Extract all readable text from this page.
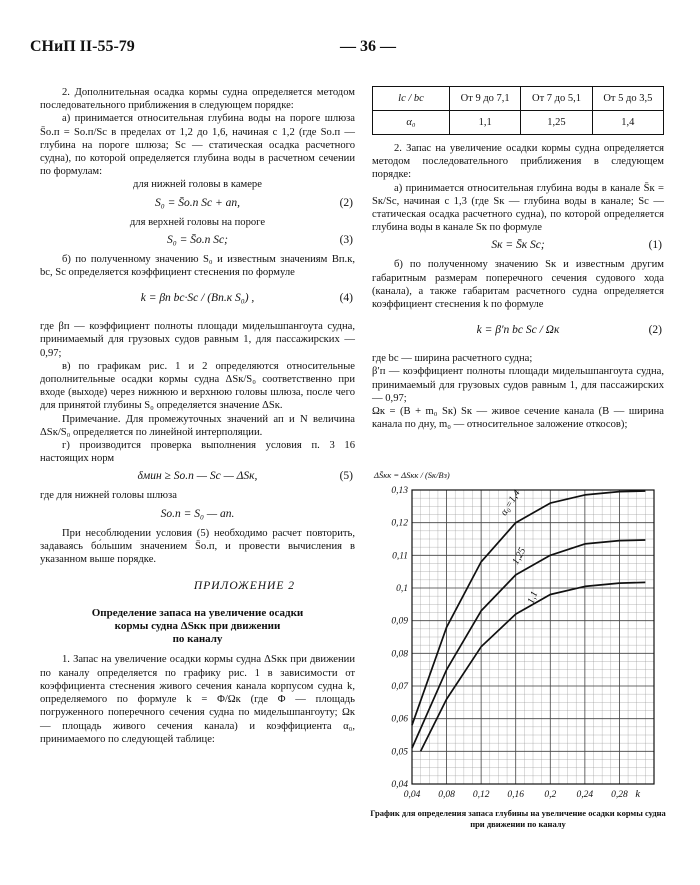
СНиП II-55-79	— 36 —

2. Дополнительная осадка кормы судна определяется методом последовательного приближения в следующем порядке:

а) принимается относительная глубина воды на пороге шлюза S̄о.п = Sо.п/Sс в пределах от 1,2 до 1,6, начиная с 1,2 (где Sо.п — глубина на пороге шлюза; Sс — статическая осадка расчетного судна), по которой определяется глубина воды в расчетном сечении по формулам:

для нижней головы в камере

S₀ = S̄о.п Sс + aп,	(2)

для верхней головы на пороге

S₀ = S̄о.п Sс;	(3)

б) по полученному значению S₀ и известным значениям Bп.к, bс, Sс определяется коэффициент стеснения по формуле

k = βп bс·Sс / (Bп.к S₀) ,	(4)

где βп — коэффициент полноты площади мидельшпангоута судна, принимаемый для грузовых судов равным 1, для пассажирских — 0,97;

в) по графикам рис. 1 и 2 определяются относительные дополнительные осадки кормы судна ΔSк/S₀ соответственно при входе (выходе) через нижнюю и верхнюю головы шлюза, после чего для принятой глубины S₀ определяется значение ΔSк.

Примечание. Для промежуточных значений aп и N величина ΔSк/S₀ определяется по линейной интерполяции.

г) производится проверка выполнения условия п. 3 16 настоящих норм

δмин ≥ Sо.п — Sс — ΔSк,	(5)

где для нижней головы шлюза

Sо.п = S₀ — aп.

При несоблюдении условия (5) необходимо расчет повторить, задаваясь бо́льшим значением S̄о.п, и провести вычисления в указанном выше порядке.

ПРИЛОЖЕНИЕ 2

Определение запаса на увеличение осадки
кормы судна ΔSкк при движении
по каналу

1. Запас на увеличение осадки кормы судна ΔSкк при движении по каналу определяется по графику рис. 1 в зависимости от коэффициента стеснения живого сечения канала корпусом судна k, определяемого по формуле k = Φ/Ωк (где Φ — площадь погруженного поперечного сечения судна по мидельшпангоуту; Ωк — площадь живого сечения канала) и коэффициента α₀, принимаемого по следующей таблице:

lс / bс	От 9 до 7,1	От 7 до 5,1	От 5 до 3,5
α₀	1,1	1,25	1,4

2. Запас на увеличение осадки кормы судна определяется методом последовательного приближения в следующем порядке:

а) принимается относительная глубина воды в канале S̄к = Sк/Sс, начиная с 1,3 (где Sк — глубина воды в канале; Sс — статическая осадка расчетного судна), по которой определяется глубина воды в канале Sк по формуле

Sк = S̄к Sс;	(1)

б) по полученному значению Sк и известным другим габаритным размерам поперечного сечения судового хода (канала), а также габаритам расчетного судна определяется коэффициент стеснения k по формуле

k = β′п bс Sс / Ωк	(2)

где bс — ширина расчетного судна;

β′п — коэффициент полноты площади мидельшпангоута судна, принимаемый для грузовых судов равным 1, для пассажирских — 0,97;

Ωк = (B + m₀ Sк) Sк — живое сечение канала (B — ширина канала по дну, m₀ — относительное заложение откосов);

0,04
0,05
0,06
0,07
0,08
0,09
0,1
0,11
0,12
0,13
0,04 0,08 0,12 0,16 0,2 0,24 0,28 k
ΔS̄кк = ΔSкк / (Sк/Bз)
α₀=1,4
1,25
1,1
График для определения запаса глубины на увеличение осадки кормы судна при движении по каналу
